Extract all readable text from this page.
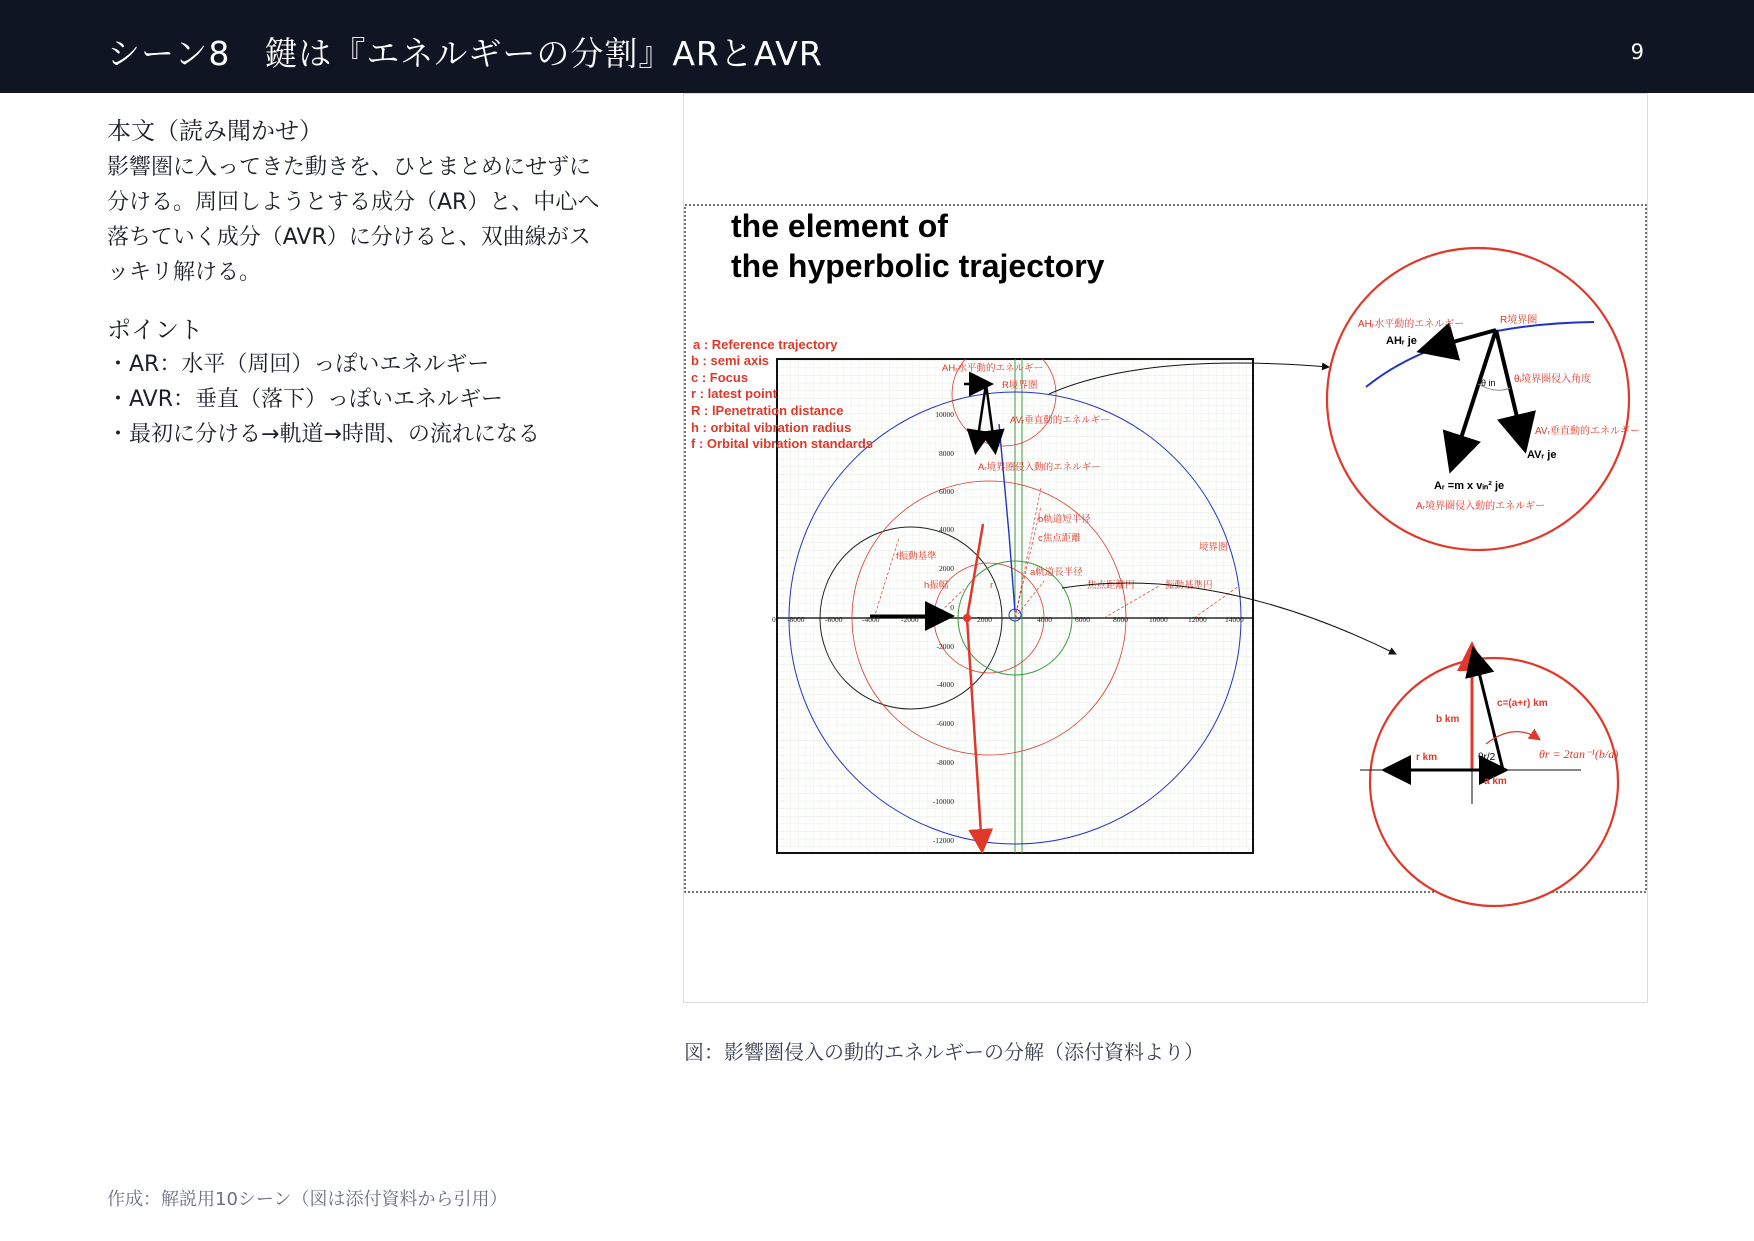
シーン8　鍵は『エネルギーの分割』ARとAVR	9
本文（読み聞かせ）
影響圏に入ってきた動きを、ひとまとめにせずに
分ける。周回しようとする成分（AR）と、中心へ
落ちていく成分（AVR）に分けると、双曲線がス
ッキリ解ける。
ポイント
・AR：水平（周回）っぽいエネルギー
・AVR：垂直（落下）っぽいエネルギー
・最初に分ける→軌道→時間、の流れになる
the element of
the hyperbolic trajectory
0 -8000	-6000	-4000	-2000	0	2000	4000	6000	8000	10000	12000 14000
10000
8000
6000
4000
2000
0
-2000
-4000
-6000
-8000
-10000
-12000
AHᵣ水平動的エネルギー
R境界圏
AVᵣ垂直動的エネルギー
Aᵣ境界圏侵入動的エネルギー
b軌道短半径
c焦点距離
f振動基準
h振幅	r
a軌道長半径
境界圏
焦点距離円	振動基準円
a : Reference trajectory
b : semi axis
c : Focus
r : latest point
R : lPenetration distance
h : orbital vibration radius
f : Orbital vibration standards
AHᵣ水平動的エネルギー	R境界圏
θᵢ境界圏侵入角度
AVᵣ垂直動的エネルギー
Aᵣ境界圏侵入動的エネルギー
AHᵣ je
θ in
AVᵣ je
Aᵣ =m x vᵢₙ² je
b km
c=(a+r) km
r km	θr/2
a km
θr = 2tan⁻¹(b/a)
図：影響圏侵入の動的エネルギーの分解（添付資料より）
作成：解説用10シーン（図は添付資料から引用）
